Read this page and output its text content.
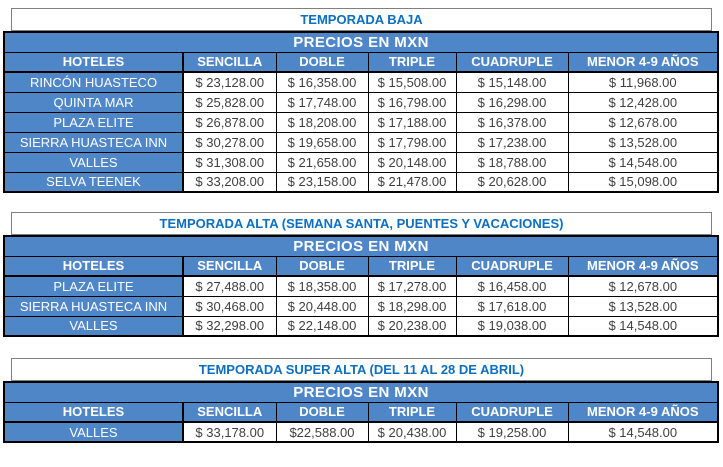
TEMPORADA BAJA
PRECIOS EN MXN					
HOTELES	SENCILLA	DOBLE	TRIPLE	CUADRUPLE	MENOR 4-9 AÑOS
RINCÓN HUASTECO	$ 23,128.00	$ 16,358.00	$ 15,508.00	$ 15,148.00	$ 11,968.00
QUINTA MAR	$ 25,828.00	$ 17,748.00	$ 16,798.00	$ 16,298.00	$ 12,428.00
PLAZA ELITE	$ 26,878.00	$ 18,208.00	$ 17,188.00	$ 16,378.00	$ 12,678.00
SIERRA HUASTECA INN	$ 30,278.00	$ 19,658.00	$ 17,798.00	$ 17,238.00	$ 13,528.00
VALLES	$ 31,308.00	$ 21,658.00	$ 20,148.00	$ 18,788.00	$ 14,548.00
SELVA TEENEK	$ 33,208.00	$ 23,158.00	$ 21,478.00	$ 20,628.00	$ 15,098.00
TEMPORADA ALTA (SEMANA SANTA, PUENTES Y VACACIONES)
PRECIOS EN MXN					
HOTELES	SENCILLA	DOBLE	TRIPLE	CUADRUPLE	MENOR 4-9 AÑOS
PLAZA ELITE	$ 27,488.00	$ 18,358.00	$ 17,278.00	$ 16,458.00	$ 12,678.00
SIERRA HUASTECA INN	$ 30,468.00	$ 20,448.00	$ 18,298.00	$ 17,618.00	$ 13,528.00
VALLES	$ 32,298.00	$ 22,148.00	$ 20,238.00	$ 19,038.00	$ 14,548.00
TEMPORADA SUPER ALTA (DEL 11 AL 28 DE ABRIL)
PRECIOS EN MXN					
HOTELES	SENCILLA	DOBLE	TRIPLE	CUADRUPLE	MENOR 4-9 AÑOS
VALLES	$ 33,178.00	$22,588.00	$ 20,438.00	$ 19,258.00	$ 14,548.00
